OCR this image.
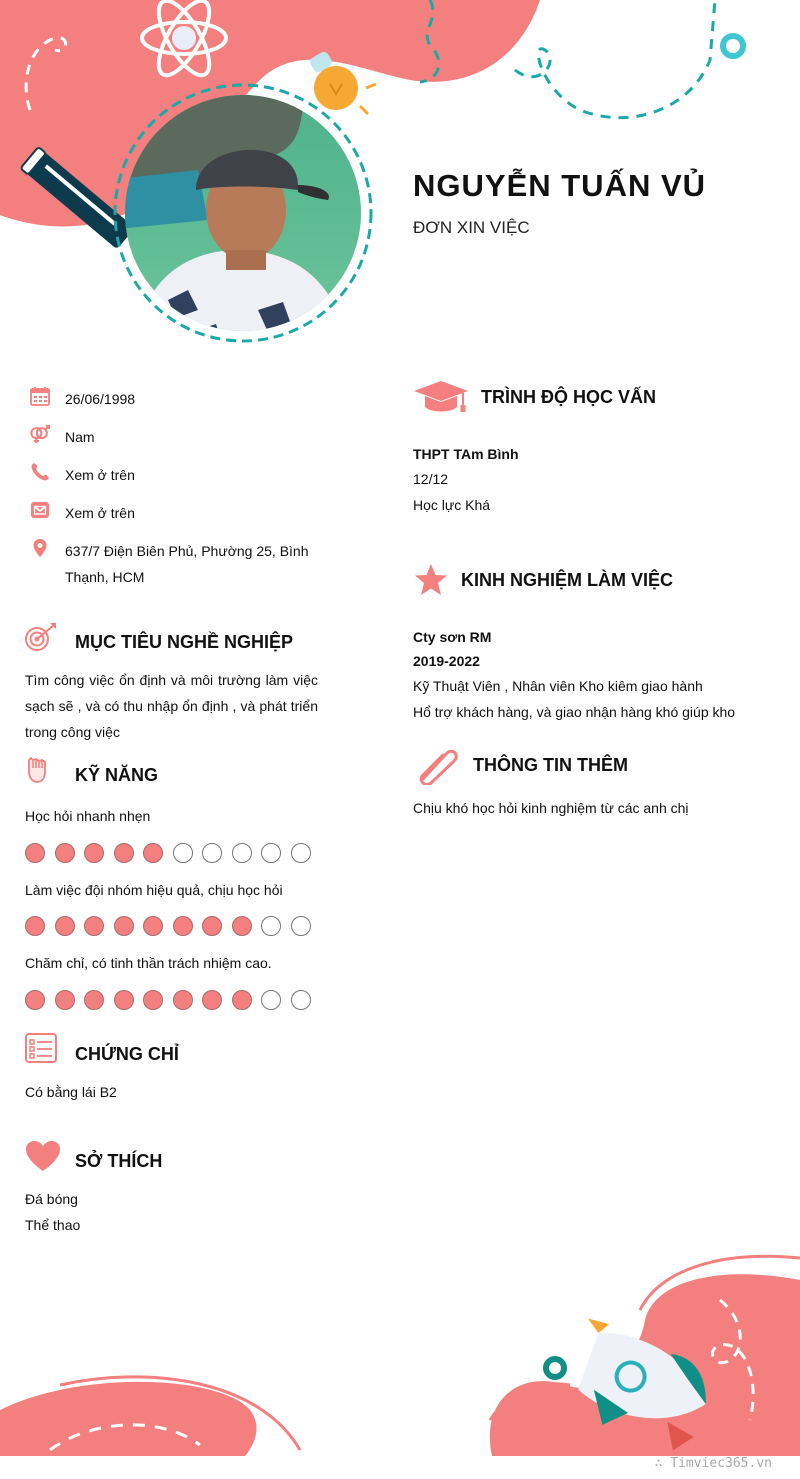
NGUYỄN TUẤN VỦ
ĐƠN XIN VIỆC
26/06/1998
Nam
Xem ở trên
Xem ở trên
637/7 Điện Biên Phủ, Phường 25, Bình
Thạnh, HCM
MỤC TIÊU NGHỀ NGHIỆP
Tìm công việc ổn định và môi trường làm việc sạch sẽ , và có thu nhập ổn định , và phát triển trong công việc
KỸ NĂNG
Học hỏi nhanh nhẹn
Làm việc đội nhóm hiệu quả, chịu học hỏi
Chăm chỉ, có tinh thần trách nhiệm cao.
CHỨNG CHỈ
Có bằng lái B2
SỞ THÍCH
Đá bóng
Thể thao
TRÌNH ĐỘ HỌC VẤN
THPT TAm Bình
12/12
Học lực Khá
KINH NGHIỆM LÀM VIỆC
Cty sơn RM
2019-2022
Kỹ Thuật Viên , Nhân viên Kho kiêm giao hành
Hổ trợ khách hàng, và giao nhận hàng khó giúp kho
THÔNG TIN THÊM
Chịu khó học hỏi kinh nghiệm từ các anh chị
∴ Timviec365.vn
